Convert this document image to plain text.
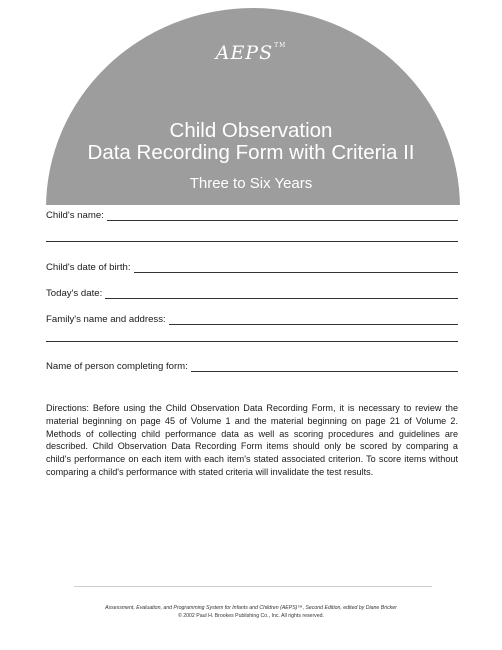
AEPS™
Child Observation
Data Recording Form with Criteria II
Three to Six Years
Child's name:
Child's date of birth:
Today's date:
Family's name and address:
Name of person completing form:
Directions: Before using the Child Observation Data Recording Form, it is necessary to review the material beginning on page 45 of Volume 1 and the material beginning on page 21 of Volume 2. Methods of collecting child performance data as well as scoring procedures and guidelines are described. Child Observation Data Recording Form items should only be scored by comparing a child's performance on each item with each item's stated associated criterion. To score items without comparing a child's performance with stated criteria will invalidate the test results.
Assessment, Evaluation, and Programming System for Infants and Children (AEPS)™, Second Edition, edited by Diane Bricker
© 2002 Paul H. Brookes Publishing Co., Inc. All rights reserved.
